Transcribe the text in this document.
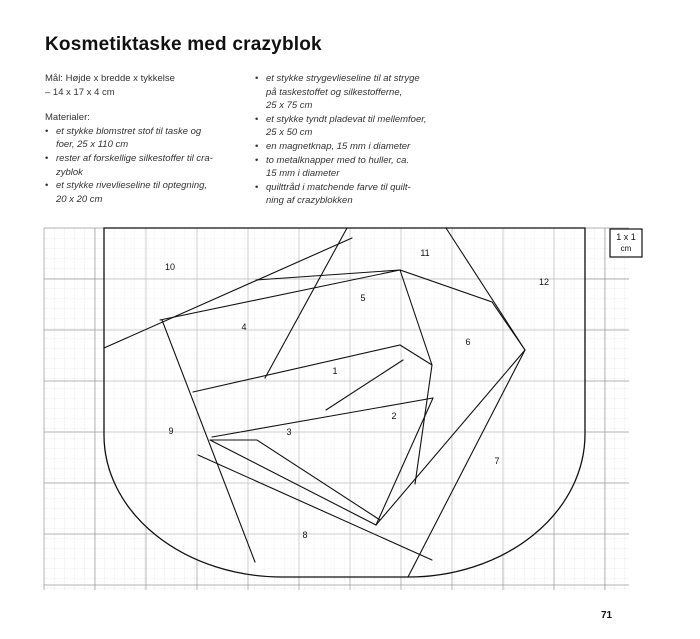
Kosmetiktaske med crazyblok

Mål: Højde x bredde x tykkelse

– 14 x 17 x 4 cm

Materialer:

• et stykke blomstret stof til taske og

foer, 25 x 110 cm

• rester af forskellige silkestoffer til cra-

zyblok

• et stykke rivevlieseline til optegning,

20 x 20 cm

• et stykke strygevlieseline til at stryge

på taskestoffet og silkestofferne,

25 x 75 cm

• et stykke tyndt pladevat til mellemfoer,

25 x 50 cm

• en magnetknap, 15 mm i diameter

• to metalknapper med to huller, ca.

15 mm i diameter

• quilttråd i matchende farve til quilt-

ning af crazyblokken

1 x 1
cm
1
2
3
4
5
6
7
8
9
10
11
12
71
